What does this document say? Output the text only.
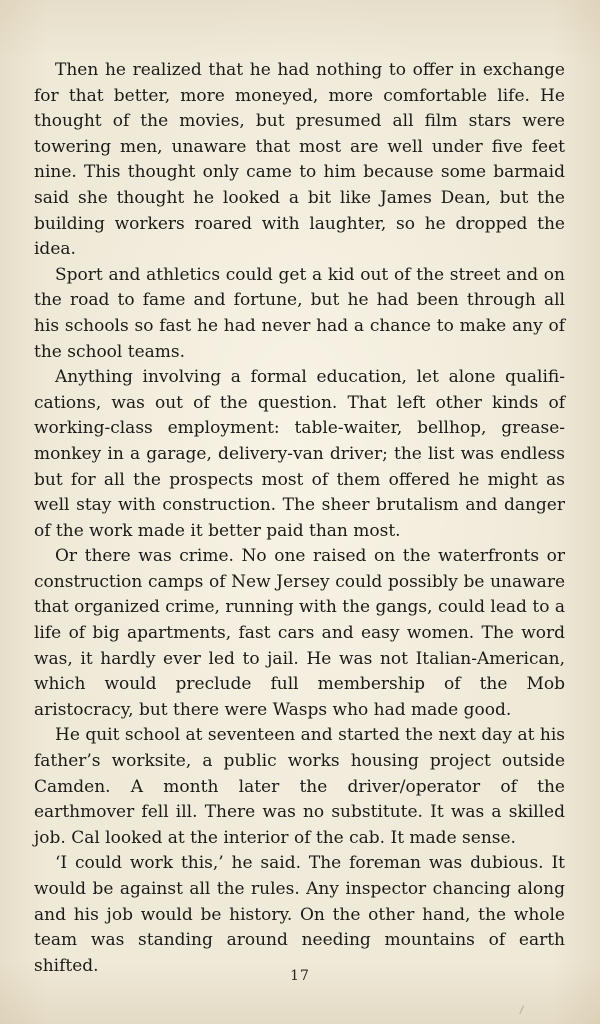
Then he realized that he had nothing to offer in exchange for that better, more moneyed, more comfortable life. He thought of the movies, but presumed all film stars were towering men, unaware that most are well under five feet nine. This thought only came to him because some barmaid said she thought he looked a bit like James Dean, but the building workers roared with laughter, so he dropped the idea.

Sport and athletics could get a kid out of the street and on the road to fame and fortune, but he had been through all his schools so fast he had never had a chance to make any of the school teams.

Anything involving a formal education, let alone qualifications, was out of the question. That left other kinds of working-class employment: table-waiter, bellhop, grease-monkey in a garage, delivery-van driver; the list was endless but for all the prospects most of them offered he might as well stay with construction. The sheer brutalism and danger of the work made it better paid than most.

Or there was crime. No one raised on the waterfronts or construction camps of New Jersey could possibly be unaware that organized crime, running with the gangs, could lead to a life of big apartments, fast cars and easy women. The word was, it hardly ever led to jail. He was not Italian-American, which would preclude full membership of the Mob aristocracy, but there were Wasps who had made good.

He quit school at seventeen and started the next day at his father’s worksite, a public works housing project outside Camden. A month later the driver/operator of the earthmover fell ill. There was no substitute. It was a skilled job. Cal looked at the interior of the cab. It made sense.

‘I could work this,’ he said. The foreman was dubious. It would be against all the rules. Any inspector chancing along and his job would be history. On the other hand, the whole team was standing around needing mountains of earth shifted.

17
